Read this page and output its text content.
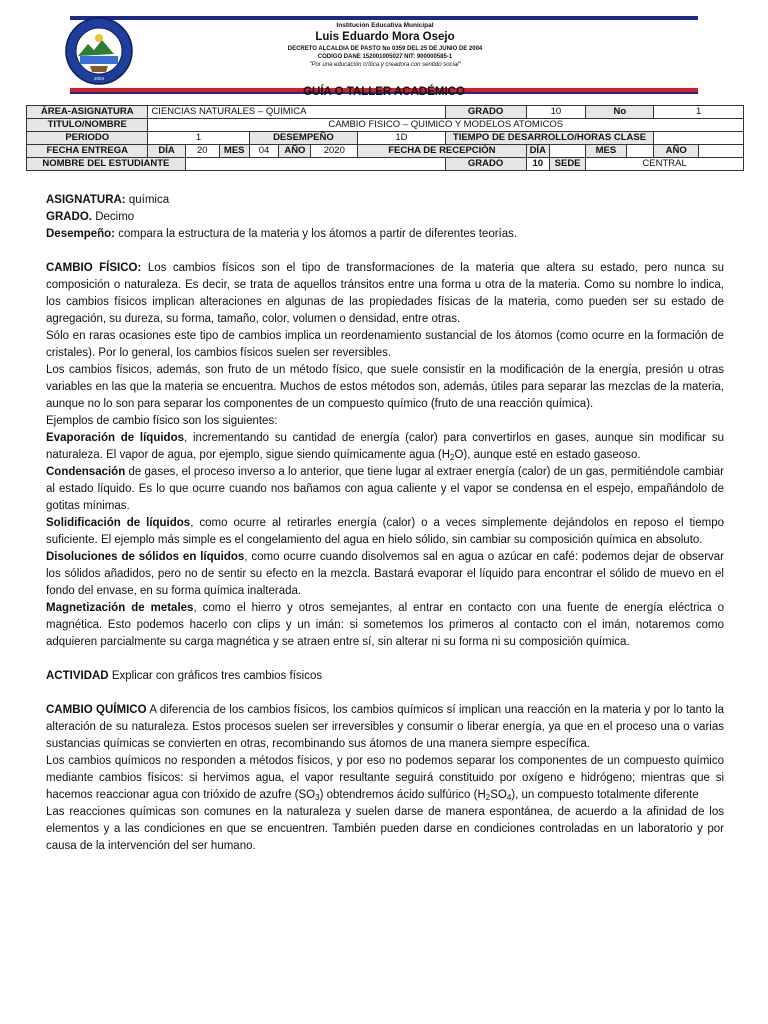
2004
Institución Educativa Municipal
Luis Eduardo Mora Osejo
DECRETO ALCALDIA DE PASTO No 0359 DEL 25 DE JUNIO DE 2004
CODIGO DANE 152001005027 NIT: 900000585-1
"Por una educación crítica y creadora con sentido social"
GUÍA O TALLER ACADÉMICO
ÁREA-ASIGNATURA	CIENCIAS NATURALES – QUIMICA							GRADO	10		No		1	
TITULO/NOMBRE	CAMBIO FISICO – QUIMICO Y MODELOS ATOMICOS													
PERIODO	1			DESEMPEÑO			1D	TIEMPO DE DESARROLLO/HORAS CLASE						
FECHA ENTREGA	DÍA	20	MES	04	AÑO	2020	FECHA DE RECEPCIÓN		DÍA		MES		AÑO	
NOMBRE DEL ESTUDIANTE								GRADO	10	SEDE	CENTRAL			

ASIGNATURA: química

GRADO. Decimo

Desempeño: compara la estructura de la materia y los átomos a partir de diferentes teorías.

CAMBIO FÍSICO: Los cambios físicos son el tipo de transformaciones de la materia que altera su estado, pero nunca su composición o naturaleza. Es decir, se trata de aquellos tránsitos entre una forma u otra de la materia. Como su nombre lo indica, los cambios físicos implican alteraciones en algunas de las propiedades físicas de la materia, como pueden ser su estado de agregación, su dureza, su forma, tamaño, color, volumen o densidad, entre otras.

Sólo en raras ocasiones este tipo de cambios implica un reordenamiento sustancial de los átomos (como ocurre en la formación de cristales). Por lo general, los cambios físicos suelen ser reversibles.

Los cambios físicos, además, son fruto de un método físico, que suele consistir en la modificación de la energía, presión u otras variables en las que la materia se encuentra. Muchos de estos métodos son, además, útiles para separar las mezclas de la materia, aunque no lo son para separar los componentes de un compuesto químico (fruto de una reacción química).

Ejemplos de cambio físico son los siguientes:

Evaporación de líquidos, incrementando su cantidad de energía (calor) para convertirlos en gases, aunque sin modificar su naturaleza. El vapor de agua, por ejemplo, sigue siendo químicamente agua $(H_2O)$, aunque esté en estado gaseoso.

Condensación de gases, el proceso inverso a lo anterior, que tiene lugar al extraer energía (calor) de un gas, permitiéndole cambiar al estado líquido. Es lo que ocurre cuando nos bañamos con agua caliente y el vapor se condensa en el espejo, empañándolo de gotitas mínimas.

Solidificación de líquidos, como ocurre al retirarles energía (calor) o a veces simplemente dejándolos en reposo el tiempo suficiente. El ejemplo más simple es el congelamiento del agua en hielo sólido, sin cambiar su composición química en absoluto.

Disoluciones de sólidos en líquidos, como ocurre cuando disolvemos sal en agua o azúcar en café: podemos dejar de observar los sólidos añadidos, pero no de sentir su efecto en la mezcla. Bastará evaporar el líquido para encontrar el sólido de muevo en el fondo del envase, en su forma química inalterada.

Magnetización de metales, como el hierro y otros semejantes, al entrar en contacto con una fuente de energía eléctrica o magnética. Esto podemos hacerlo con clips y un imán: si sometemos los primeros al contacto con el imán, notaremos como adquieren parcialmente su carga magnética y se atraen entre sí, sin alterar ni su forma ni su composición química.

ACTIVIDAD Explicar con gráficos tres cambios físicos

CAMBIO QUÍMICO A diferencia de los cambios físicos, los cambios químicos sí implican una reacción en la materia y por lo tanto la alteración de su naturaleza. Estos procesos suelen ser irreversibles y consumir o liberar energía, ya que en el proceso una o varias sustancias químicas se convierten en otras, recombinando sus átomos de una manera siempre específica.

Los cambios químicos no responden a métodos físicos, y por eso no podemos separar los componentes de un compuesto químico mediante cambios físicos: si hervimos agua, el vapor resultante seguirá constituido por oxígeno e hidrógeno; mientras que si hacemos reaccionar agua con trióxido de azufre $(SO_3)$ obtendremos ácido sulfúrico $(H_2SO_4)$, un compuesto totalmente diferente

Las reacciones químicas son comunes en la naturaleza y suelen darse de manera espontánea, de acuerdo a la afinidad de los elementos y a las condiciones en que se encuentren. También pueden darse en condiciones controladas en un laboratorio y por causa de la intervención del ser humano.
